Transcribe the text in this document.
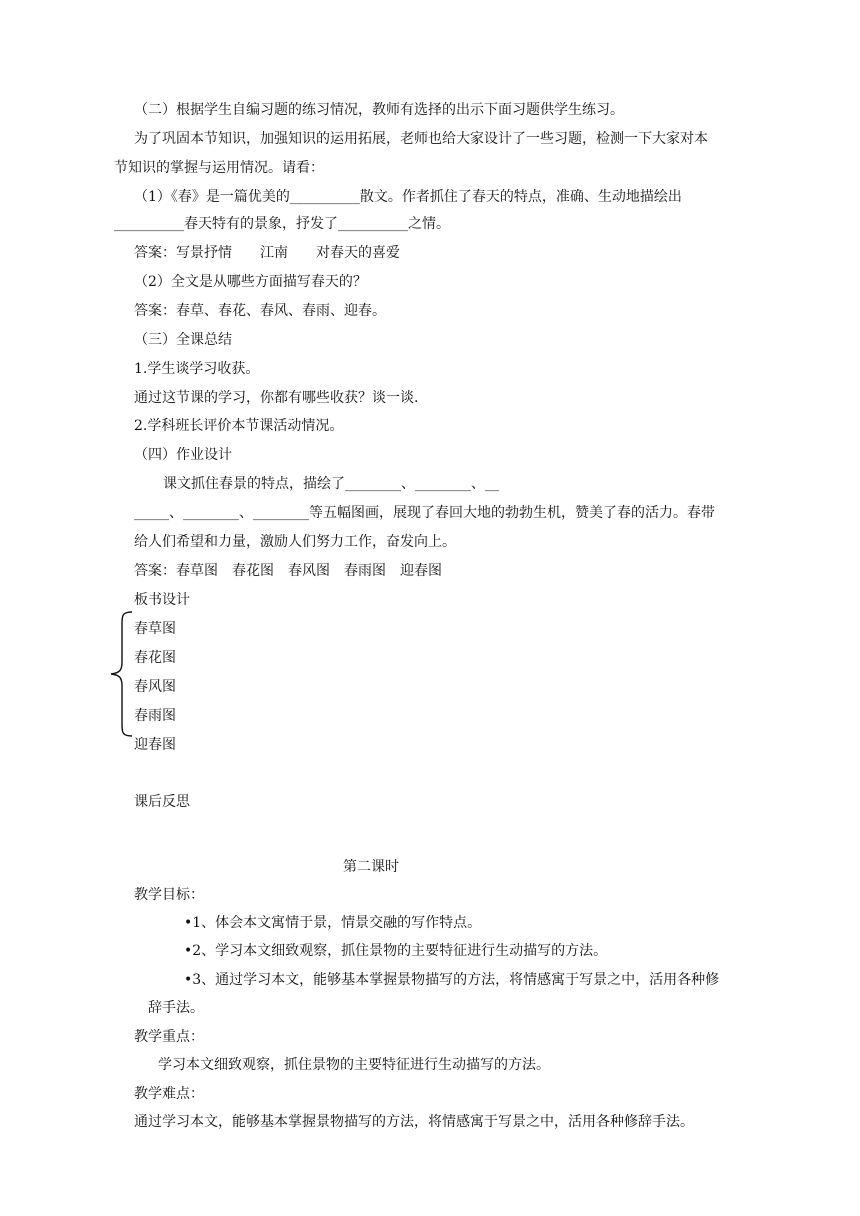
（二）根据学生自编习题的练习情况，教师有选择的出示下面习题供学生练习。
为了巩固本节知识，加强知识的运用拓展，老师也给大家设计了一些习题，检测一下大家对本
节知识的掌握与运用情况。请看：
（1）《春》是一篇优美的__________散文。作者抓住了春天的特点，准确、生动地描绘出
__________春天特有的景象，抒发了__________之情。
答案：写景抒情　　江南　　对春天的喜爱
（2）全文是从哪些方面描写春天的？
答案：春草、春花、春风、春雨、迎春。
（三）全课总结
1.学生谈学习收获。
通过这节课的学习，你都有哪些收获？谈一谈.
2.学科班长评价本节课活动情况。
（四）作业设计
课文抓住春景的特点，描绘了________、________、__
_____、________、________等五幅图画，展现了春回大地的勃勃生机，赞美了春的活力。春带
给人们希望和力量，激励人们努力工作，奋发向上。
答案：春草图　春花图　春风图　春雨图　迎春图
板书设计
春草图
春花图
春风图
春雨图
迎春图
课后反思
第二课时
教学目标：
•1、体会本文寓情于景，情景交融的写作特点。
•2、学习本文细致观察，抓住景物的主要特征进行生动描写的方法。
•3、通过学习本文，能够基本掌握景物描写的方法，将情感寓于写景之中，活用各种修
辞手法。
教学重点：
学习本文细致观察，抓住景物的主要特征进行生动描写的方法。
教学难点：
通过学习本文，能够基本掌握景物描写的方法，将情感寓于写景之中，活用各种修辞手法。
